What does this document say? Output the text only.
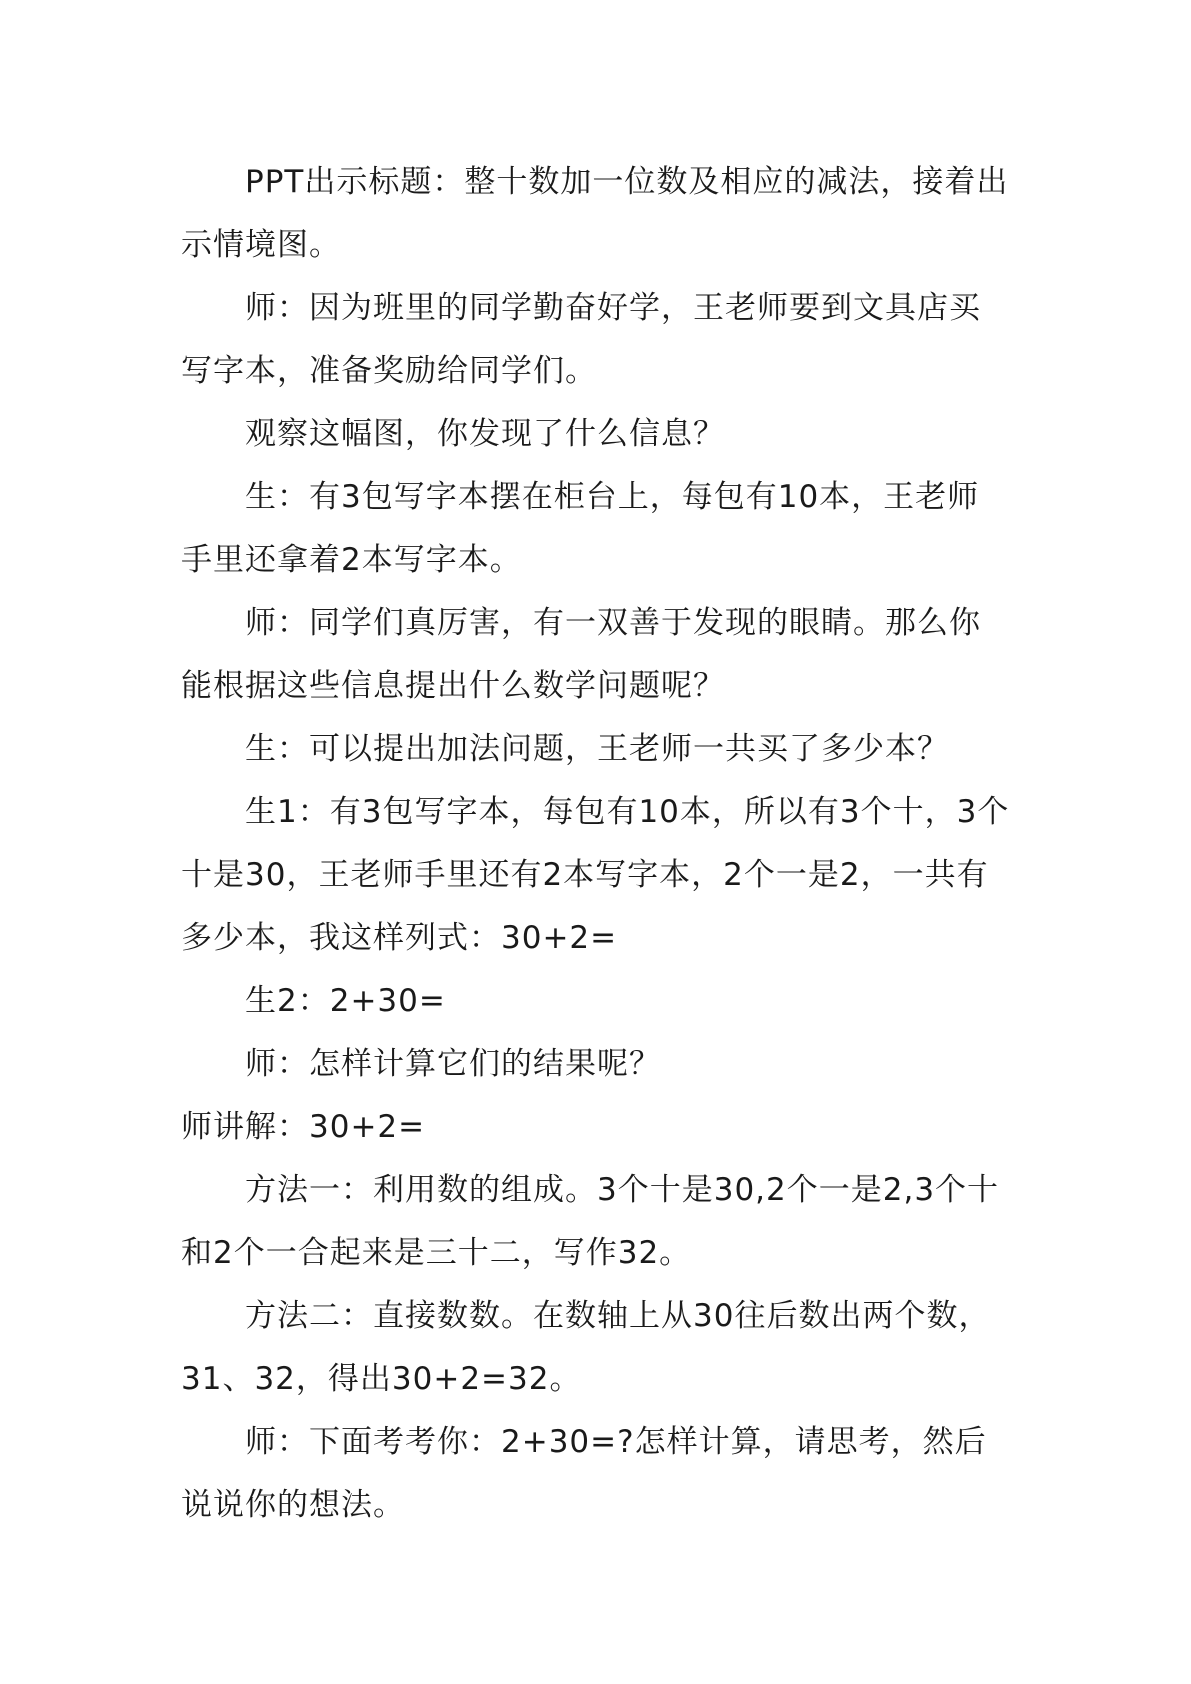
PPT出示标题：整十数加一位数及相应的减法，接着出示情境图。

师：因为班里的同学勤奋好学，王老师要到文具店买写字本，准备奖励给同学们。

观察这幅图，你发现了什么信息？

生：有3包写字本摆在柜台上，每包有10本，王老师手里还拿着2本写字本。

师：同学们真厉害，有一双善于发现的眼睛。那么你能根据这些信息提出什么数学问题呢？

生：可以提出加法问题，王老师一共买了多少本？

生1：有3包写字本，每包有10本，所以有3个十，3个十是30，王老师手里还有2本写字本，2个一是2，一共有多少本，我这样列式：30+2=

生2：2+30=

师：怎样计算它们的结果呢？

师讲解：30+2=

方法一：利用数的组成。3个十是30,2个一是2,3个十和2个一合起来是三十二，写作32。

方法二：直接数数。在数轴上从30往后数出两个数，31、32，得出30+2=32。

师：下面考考你：2+30=?怎样计算，请思考，然后说说你的想法。
